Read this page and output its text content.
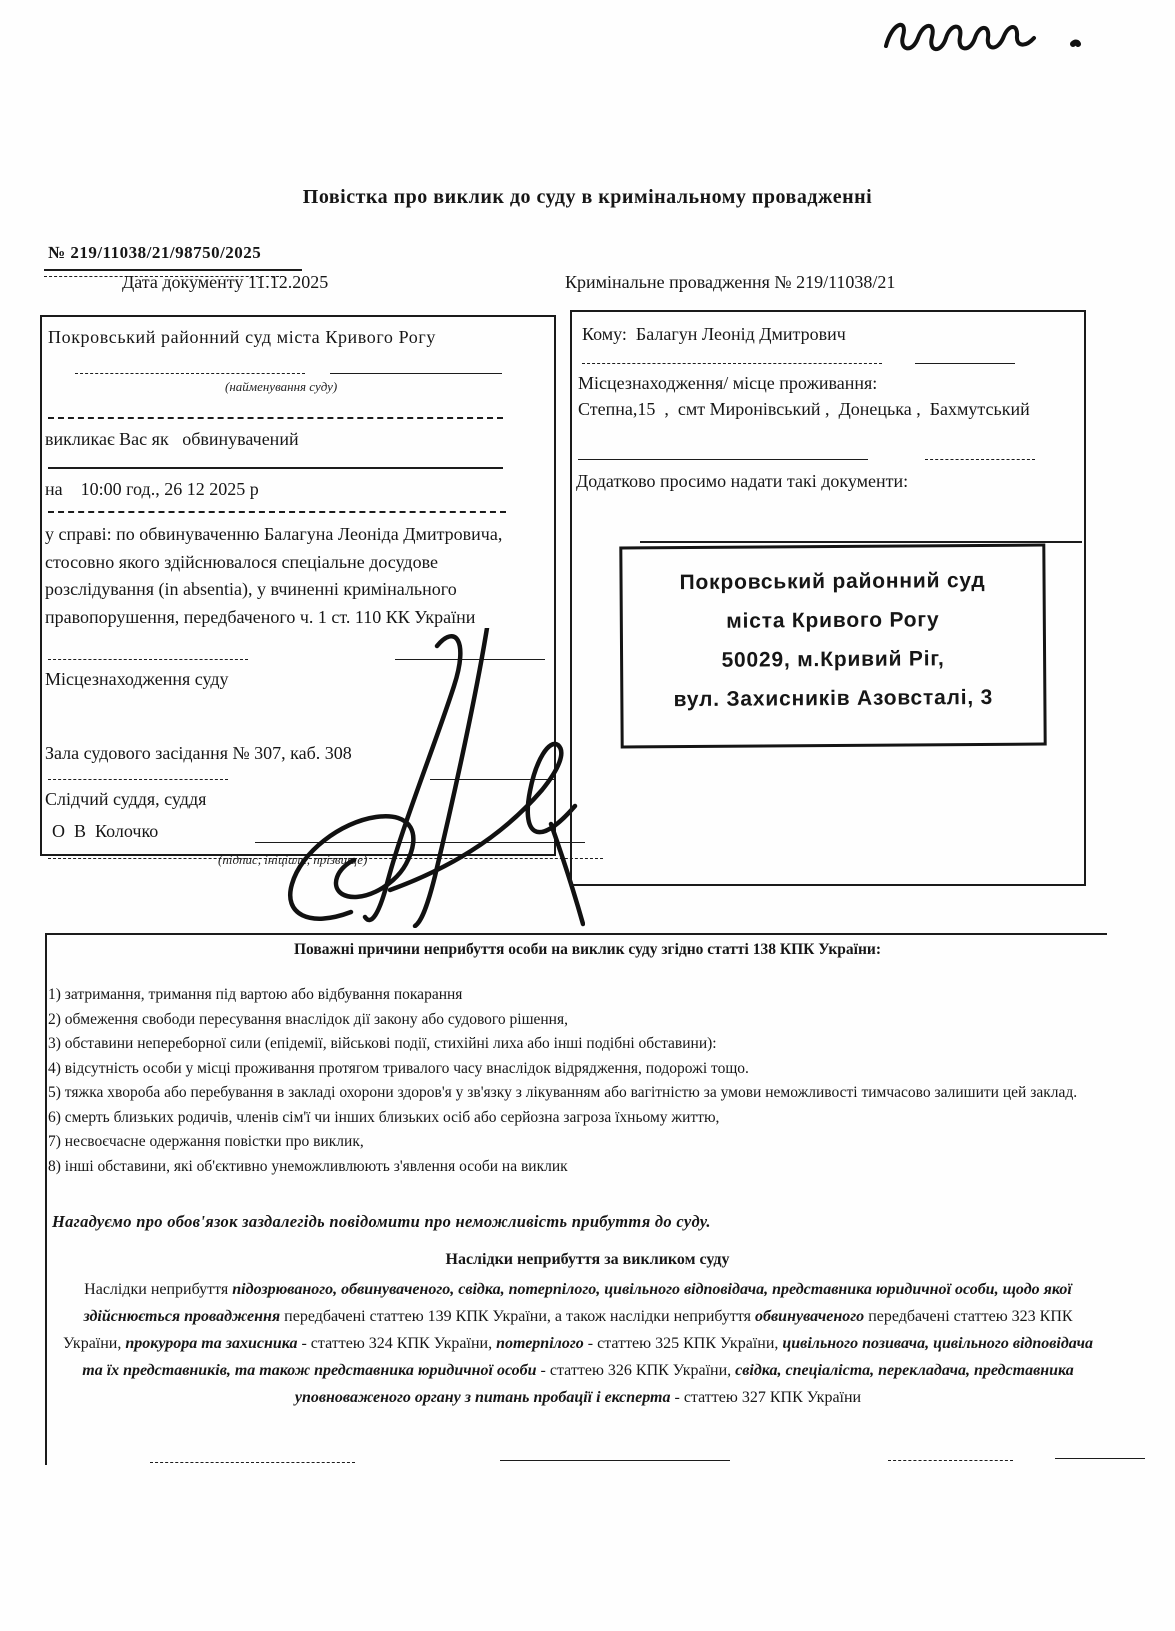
Повістка про виклик до суду в кримінальному провадженні
№ 219/11038/21/98750/2025
Дата документу 11.12.2025	Кримінальне провадження № 219/11038/21
Покровський районний суд міста Кривого Рогу
(найменування суду)
викликає Вас як   обвинувачений
на    10:00 год., 26 12 2025 р
у справі: по обвинуваченню Балагуна Леоніда Дмитровича, стосовно якого здійснювалося спеціальне досудове розслідування (in absentia), у вчиненні кримінального правопорушення, передбаченого ч. 1 ст. 110 КК України
Місцезнаходження суду
Зала судового засідання № 307, каб. 308
Слідчий суддя, суддя
О  В  Колочко
(підпис, ініціали, прізвище)
Кому:  Балагун Леонід Дмитрович
Місцезнаходження/ місце проживання:
Степна,15  ,  смт Миронівський ,  Донецька ,  Бахмутський
Додатково просимо надати такі документи:
Покровський районний суд
міста Кривого Рогу
50029, м.Кривий Ріг,
вул. Захисників Азовсталі, 3
Поважні причини неприбуття особи на виклик суду згідно статті 138 КПК України:
1) затримання, тримання під вартою або відбування покарання
2) обмеження свободи пересування внаслідок дії закону або судового рішення,
3) обставини непереборної сили (епідемії, військові події, стихійні лиха або інші подібні обставини):
4) відсутність особи у місці проживання протягом тривалого часу внаслідок відрядження, подорожі тощо.
5) тяжка хвороба або перебування в закладі охорони здоров'я у зв'язку з лікуванням або вагітністю за умови неможливості тимчасово залишити цей заклад.
6) смерть близьких родичів, членів сім'ї чи інших близьких осіб або серйозна загроза їхньому життю,
7) несвоєчасне одержання повістки про виклик,
8) інші обставини, які об'єктивно унеможливлюють з'явлення особи на виклик
Нагадуємо про обов'язок заздалегідь повідомити про неможливість прибуття до суду.
Наслідки неприбуття за викликом суду
Наслідки неприбуття підозрюваного, обвинуваченого, свідка, потерпілого, цивільного відповідача, представника юридичної особи, щодо якої здійснюється провадження передбачені статтею 139 КПК України, а також наслідки неприбуття обвинуваченого передбачені статтею 323 КПК України, прокурора та захисника - статтею 324 КПК України, потерпілого - статтею 325 КПК України, цивільного позивача, цивільного відповідача та їх представників, та також представника юридичної особи - статтею 326 КПК України, свідка, спеціаліста, перекладача, представника уповноваженого органу з питань пробації і експерта - статтею 327 КПК України
